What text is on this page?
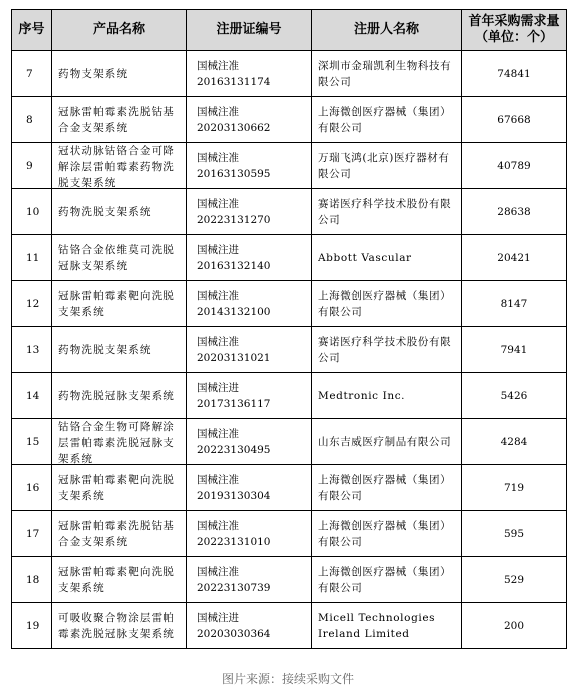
序号	产品名称	注册证编号	注册人名称	首年采购需求量
（单位：个）

7	药物支架系统	国械注准 20163131174	深圳市金瑞凯利生物科技有限公司	74841

8	冠脉雷帕霉素洗脱钴基合金支架系统	国械注准 20203130662	上海微创医疗器械（集团）有限公司	67668

9	冠状动脉钴铬合金可降解涂层雷帕霉素药物洗脱支架系统	国械注准 20163130595	万瑞飞鸿(北京)医疗器材有限公司	40789

10	药物洗脱支架系统	国械注准 20223131270	赛诺医疗科学技术股份有限公司	28638

11	钴铬合金依维莫司洗脱冠脉支架系统	国械注进 20163132140	Abbott Vascular	20421

12	冠脉雷帕霉素靶向洗脱支架系统	国械注准 20143132100	上海微创医疗器械（集团）有限公司	8147

13	药物洗脱支架系统	国械注准 20203131021	赛诺医疗科学技术股份有限公司	7941

14	药物洗脱冠脉支架系统	国械注进 20173136117	Medtronic Inc.	5426

15	钴铬合金生物可降解涂层雷帕霉素洗脱冠脉支架系统	国械注准 20223130495	山东吉威医疗制品有限公司	4284

16	冠脉雷帕霉素靶向洗脱支架系统	国械注准 20193130304	上海微创医疗器械（集团）有限公司	719

17	冠脉雷帕霉素洗脱钴基合金支架系统	国械注准 20223131010	上海微创医疗器械（集团）有限公司	595

18	冠脉雷帕霉素靶向洗脱支架系统	国械注准 20223130739	上海微创医疗器械（集团）有限公司	529

19	可吸收聚合物涂层雷帕霉素洗脱冠脉支架系统	国械注进 20203030364	Micell Technologies Ireland Limited	200
图片来源：接续采购文件
